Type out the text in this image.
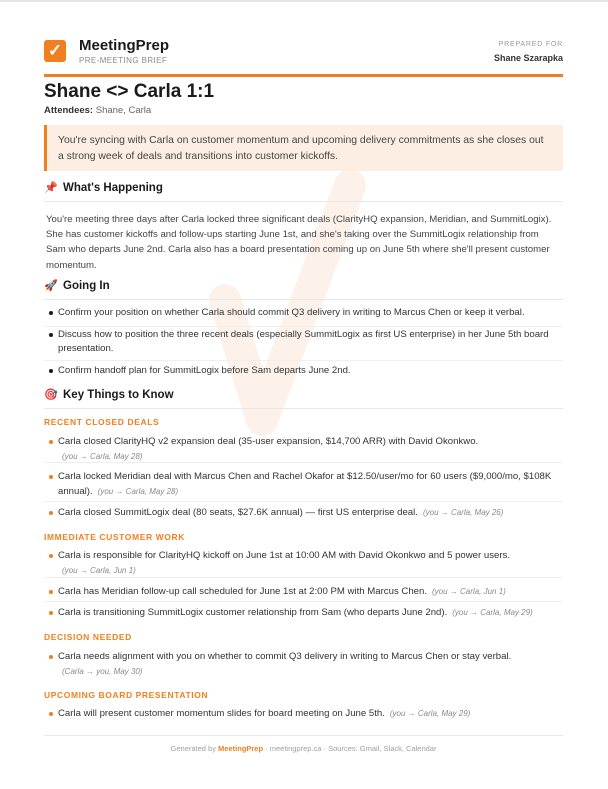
✓ MeetingPrep
PRE-MEETING BRIEF
PREPARED FOR
Shane Szarapka
Shane <> Carla 1:1
Attendees: Shane, Carla
You're syncing with Carla on customer momentum and upcoming delivery commitments as she closes out a strong week of deals and transitions into customer kickoffs.
📌 What's Happening

You're meeting three days after Carla locked three significant deals (ClarityHQ expansion, Meridian, and SummitLogix). She has customer kickoffs and follow-ups starting June 1st, and she's taking over the SummitLogix relationship from Sam who departs June 2nd. Carla also has a board presentation coming up on June 5th where she'll present customer momentum.

🚀 Going In
Confirm your position on whether Carla should commit Q3 delivery in writing to Marcus Chen or keep it verbal.
Discuss how to position the three recent deals (especially SummitLogix as first US enterprise) in her June 5th board presentation.
Confirm handoff plan for SummitLogix before Sam departs June 2nd.
🎯 Key Things to Know
RECENT CLOSED DEALS
Carla closed ClarityHQ v2 expansion deal (35-user expansion, $14,700 ARR) with David Okonkwo.
(you → Carla, May 28)
Carla locked Meridian deal with Marcus Chen and Rachel Okafor at $12.50/user/mo for 60 users ($9,000/mo, $108K annual). (you → Carla, May 28)
Carla closed SummitLogix deal (80 seats, $27.6K annual) — first US enterprise deal. (you → Carla, May 26)
IMMEDIATE CUSTOMER WORK
Carla is responsible for ClarityHQ kickoff on June 1st at 10:00 AM with David Okonkwo and 5 power users.
(you → Carla, Jun 1)
Carla has Meridian follow-up call scheduled for June 1st at 2:00 PM with Marcus Chen. (you → Carla, Jun 1)
Carla is transitioning SummitLogix customer relationship from Sam (who departs June 2nd). (you → Carla, May 29)
DECISION NEEDED
Carla needs alignment with you on whether to commit Q3 delivery in writing to Marcus Chen or stay verbal.
(Carla → you, May 30)
UPCOMING BOARD PRESENTATION
Carla will present customer momentum slides for board meeting on June 5th. (you → Carla, May 29)
Generated by MeetingPrep · meetingprep.ca · Sources: Gmail, Slack, Calendar
